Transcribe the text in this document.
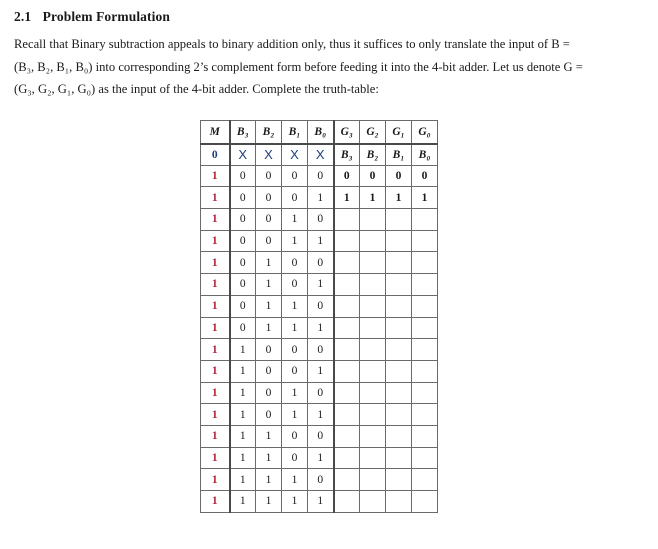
2.1 Problem Formulation
Recall that Binary subtraction appeals to binary addition only, thus it suffices to only translate the input of B =
(B₃, B₂, B₁, B₀) into corresponding 2’s complement form before feeding it into the 4-bit adder. Let us denote G =
(G₃, G₂, G₁, G₀) as the input of the 4-bit adder. Complete the truth-table:
M	B₃	B₂	B₁	B₀	G₃	G₂	G₁	G₀
0	X	X	X	X	B₃	B₂	B₁	B₀
1	0	0	0	0	0	0	0	0
1	0	0	0	1	1	1	1	1
1	0	0	1	0				
1	0	0	1	1				
1	0	1	0	0				
1	0	1	0	1				
1	0	1	1	0				
1	0	1	1	1				
1	1	0	0	0				
1	1	0	0	1				
1	1	0	1	0				
1	1	0	1	1				
1	1	1	0	0				
1	1	1	0	1				
1	1	1	1	0				
1	1	1	1	1				
